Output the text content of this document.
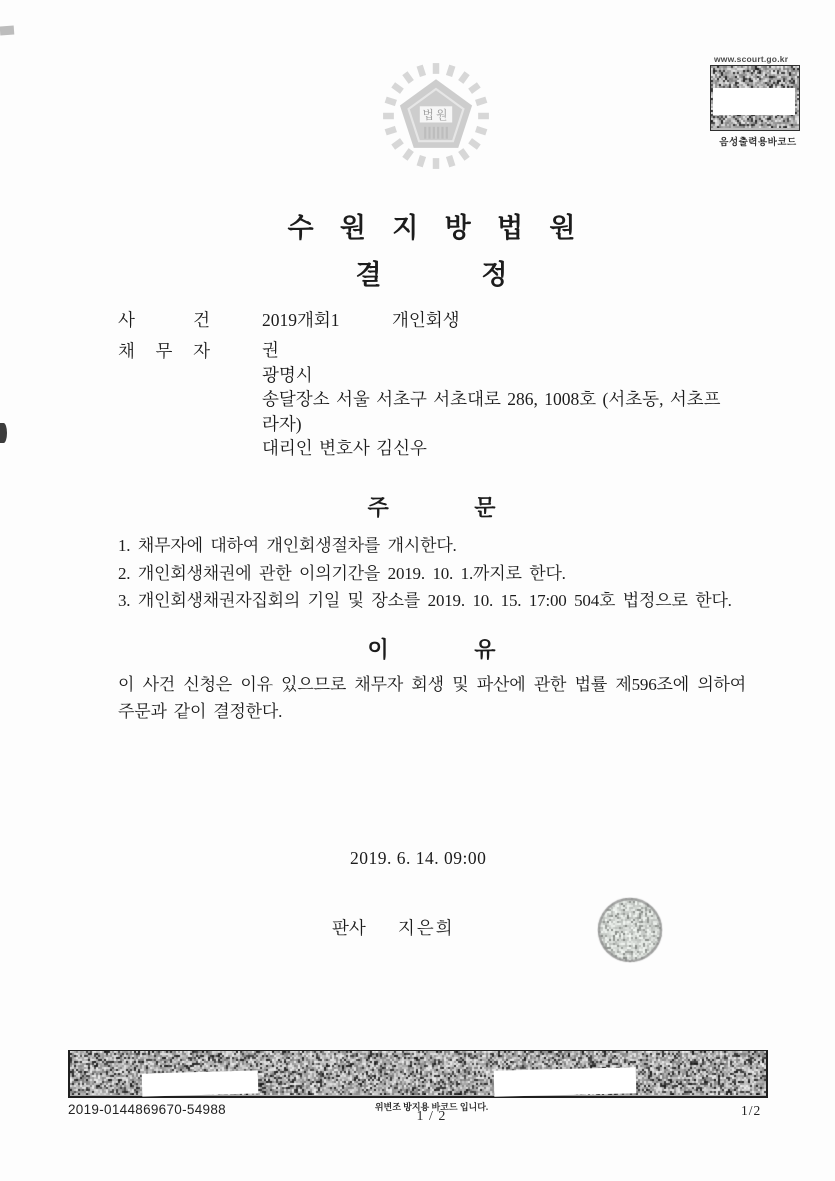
법원
www.scourt.go.kr
음성출력용바코드
수 원 지 방 법 원
결 정
사 건	2019개회1	개인회생
채 무 자	권
광명시
송달장소 서울 서초구 서초대로 286, 1008호 (서초동, 서초프라자)
대리인 변호사 김신우
주 문
1. 채무자에 대하여 개인회생절차를 개시한다.
2. 개인회생채권에 관한 이의기간을 2019. 10. 1.까지로 한다.
3. 개인회생채권자집회의 기일 및 장소를 2019. 10. 15. 17:00 504호 법정으로 한다.
이 유
이 사건 신청은 이유 있으므로 채무자 회생 및 파산에 관한 법률 제596조에 의하여 주문과 같이 결정한다.
2019. 6. 14. 09:00
판사 지은희
2019-0144869670-54988	위변조 방지용 바코드 입니다.
1 / 2	1/2
